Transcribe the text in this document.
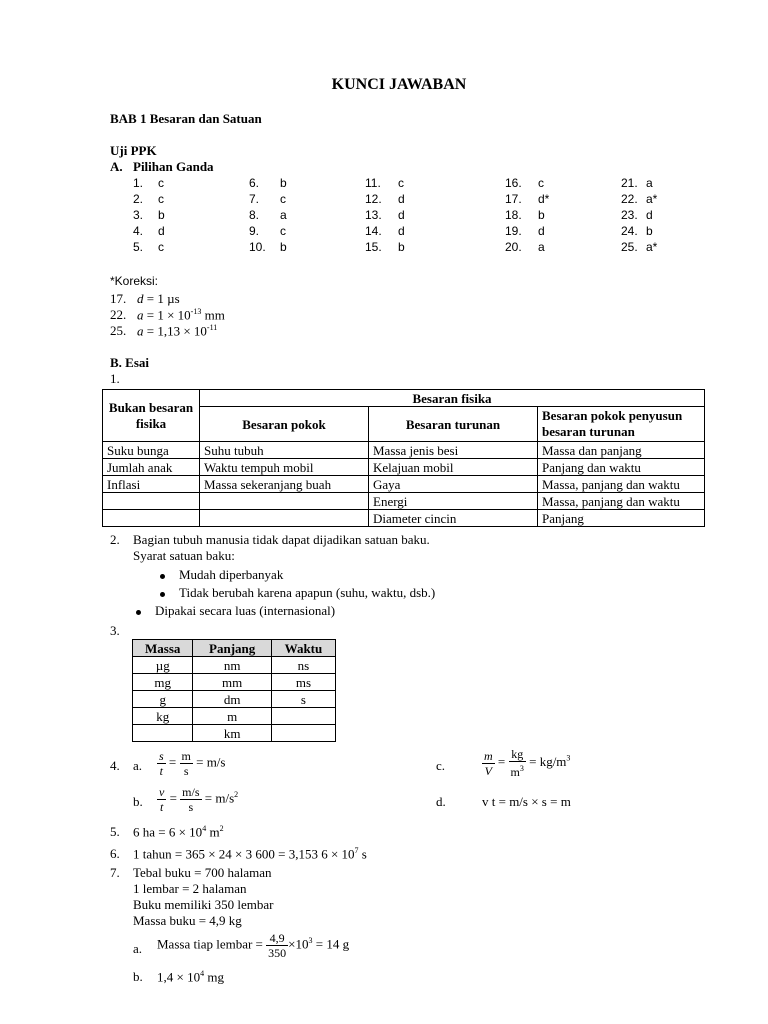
KUNCI JAWABAN
BAB 1 Besaran dan Satuan
Uji PPK
A. Pilihan Ganda
1. c
2. c
3. b
4. d
5. c
6. b
7. c
8. a
9. c
10. b
11. c
12. d
13. d
14. d
15. b
16. c
17. d*
18. b
19. d
20. a
21. a
22. a*
23. d
24. b
25. a*
*Koreksi:
17. d = 1 µs
22. $a = 1 \times 10^{-13}$ mm
25. $a = 1,13 \times 10^{-11}$
B. Esai
1.
Bukan besaran fisika	Besaran fisika		
	Besaran pokok	Besaran turunan	Besaran pokok penyusun besaran turunan
Suku bunga	Suhu tubuh	Massa jenis besi	Massa dan panjang
Jumlah anak	Waktu tempuh mobil	Kelajuan mobil	Panjang dan waktu
Inflasi	Massa sekeranjang buah	Gaya	Massa, panjang dan waktu
		Energi	Massa, panjang dan waktu
		Diameter cincin	Panjang
2. Bagian tubuh manusia tidak dapat dijadikan satuan baku.
Syarat satuan baku:
Mudah diperbanyak
Tidak berubah karena apapun (suhu, waktu, dsb.)
Dipakai secara luas (internasional)
3.
Massa	Panjang	Waktu
µg	nm	ns
mg	mm	ms
g	dm	s
kg	m	
	km	
4. a. $\frac{s}{t} = \frac{m}{s} = m/s$
b. $\frac{v}{t} = \frac{m/s}{s} = m/s^2$
c.	$\frac{m}{V} = \frac{kg}{m^3} = kg/m^3$
d.	v t = m/s × s = m
5. 6 ha = $6 \times 10^4$ $m^2$
6. 1 tahun = 365 × 24 × 3 600 = 3,153 $6 \times 10^7$ s
7. Tebal buku = 700 halaman
1 lembar = 2 halaman
Buku memiliki 350 lembar
Massa buku = 4,9 kg
a. Massa tiap lembar = $\frac{4,9}{350} \times 10^3 = 14$ g
b. $1,4 \times 10^4$ mg
